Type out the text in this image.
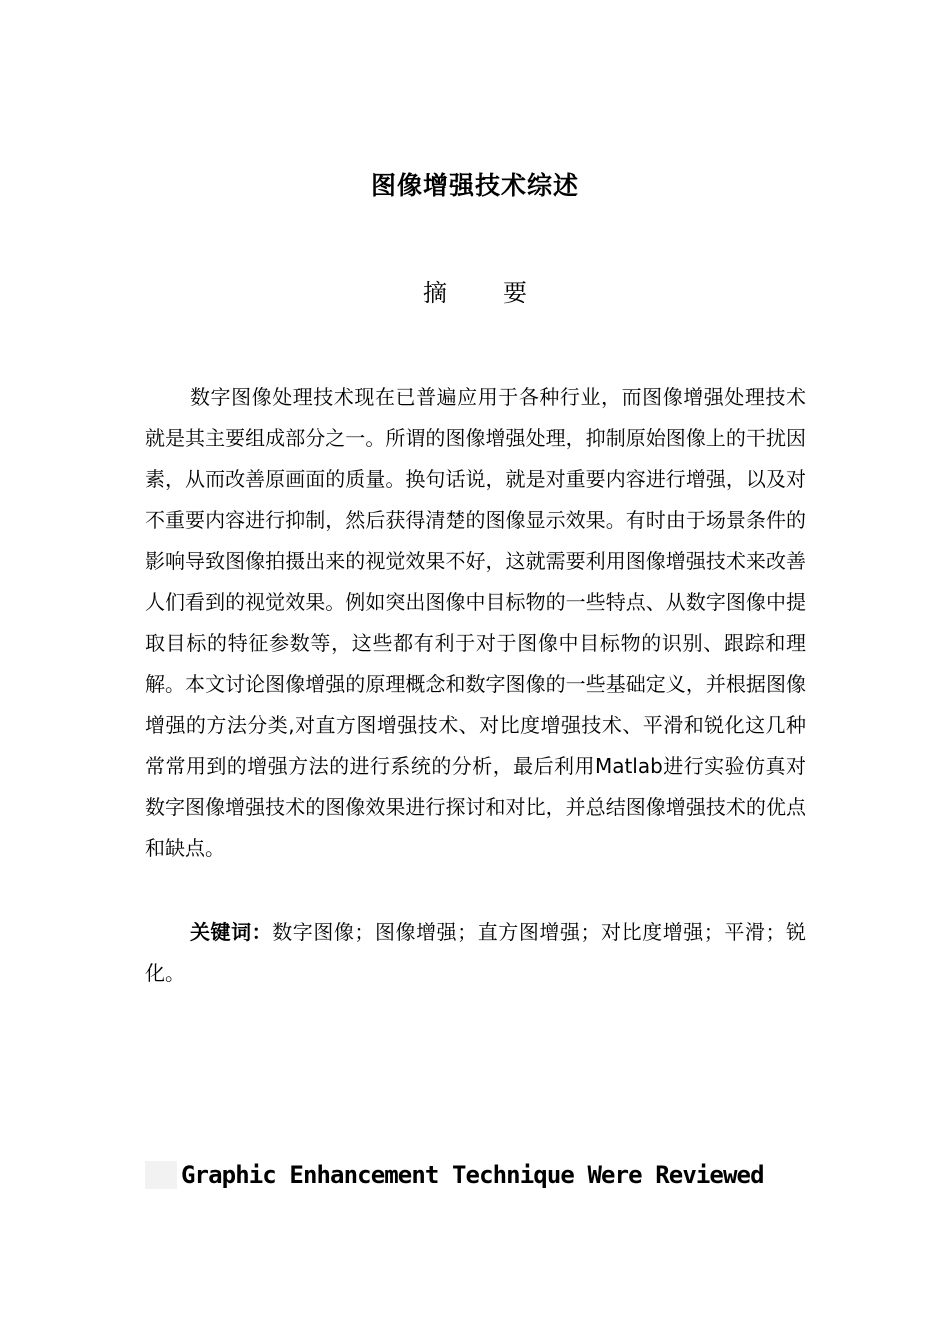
图像增强技术综述
摘 要

数字图像处理技术现在已普遍应用于各种行业，而图像增强处理技术就是其主要组成部分之一。所谓的图像增强处理，抑制原始图像上的干扰因素，从而改善原画面的质量。换句话说，就是对重要内容进行增强，以及对不重要内容进行抑制，然后获得清楚的图像显示效果。有时由于场景条件的影响导致图像拍摄出来的视觉效果不好，这就需要利用图像增强技术来改善人们看到的视觉效果。例如突出图像中目标物的一些特点、从数字图像中提取目标的特征参数等，这些都有利于对于图像中目标物的识别、跟踪和理解。本文讨论图像增强的原理概念和数字图像的一些基础定义，并根据图像增强的方法分类,对直方图增强技术、对比度增强技术、平滑和锐化这几种常常用到的增强方法的进行系统的分析，最后利用Matlab进行实验仿真对数字图像增强技术的图像效果进行探讨和对比，并总结图像增强技术的优点和缺点。

关键词：数字图像；图像增强；直方图增强；对比度增强；平滑；锐化。

Graphic Enhancement Technique Were Reviewed
